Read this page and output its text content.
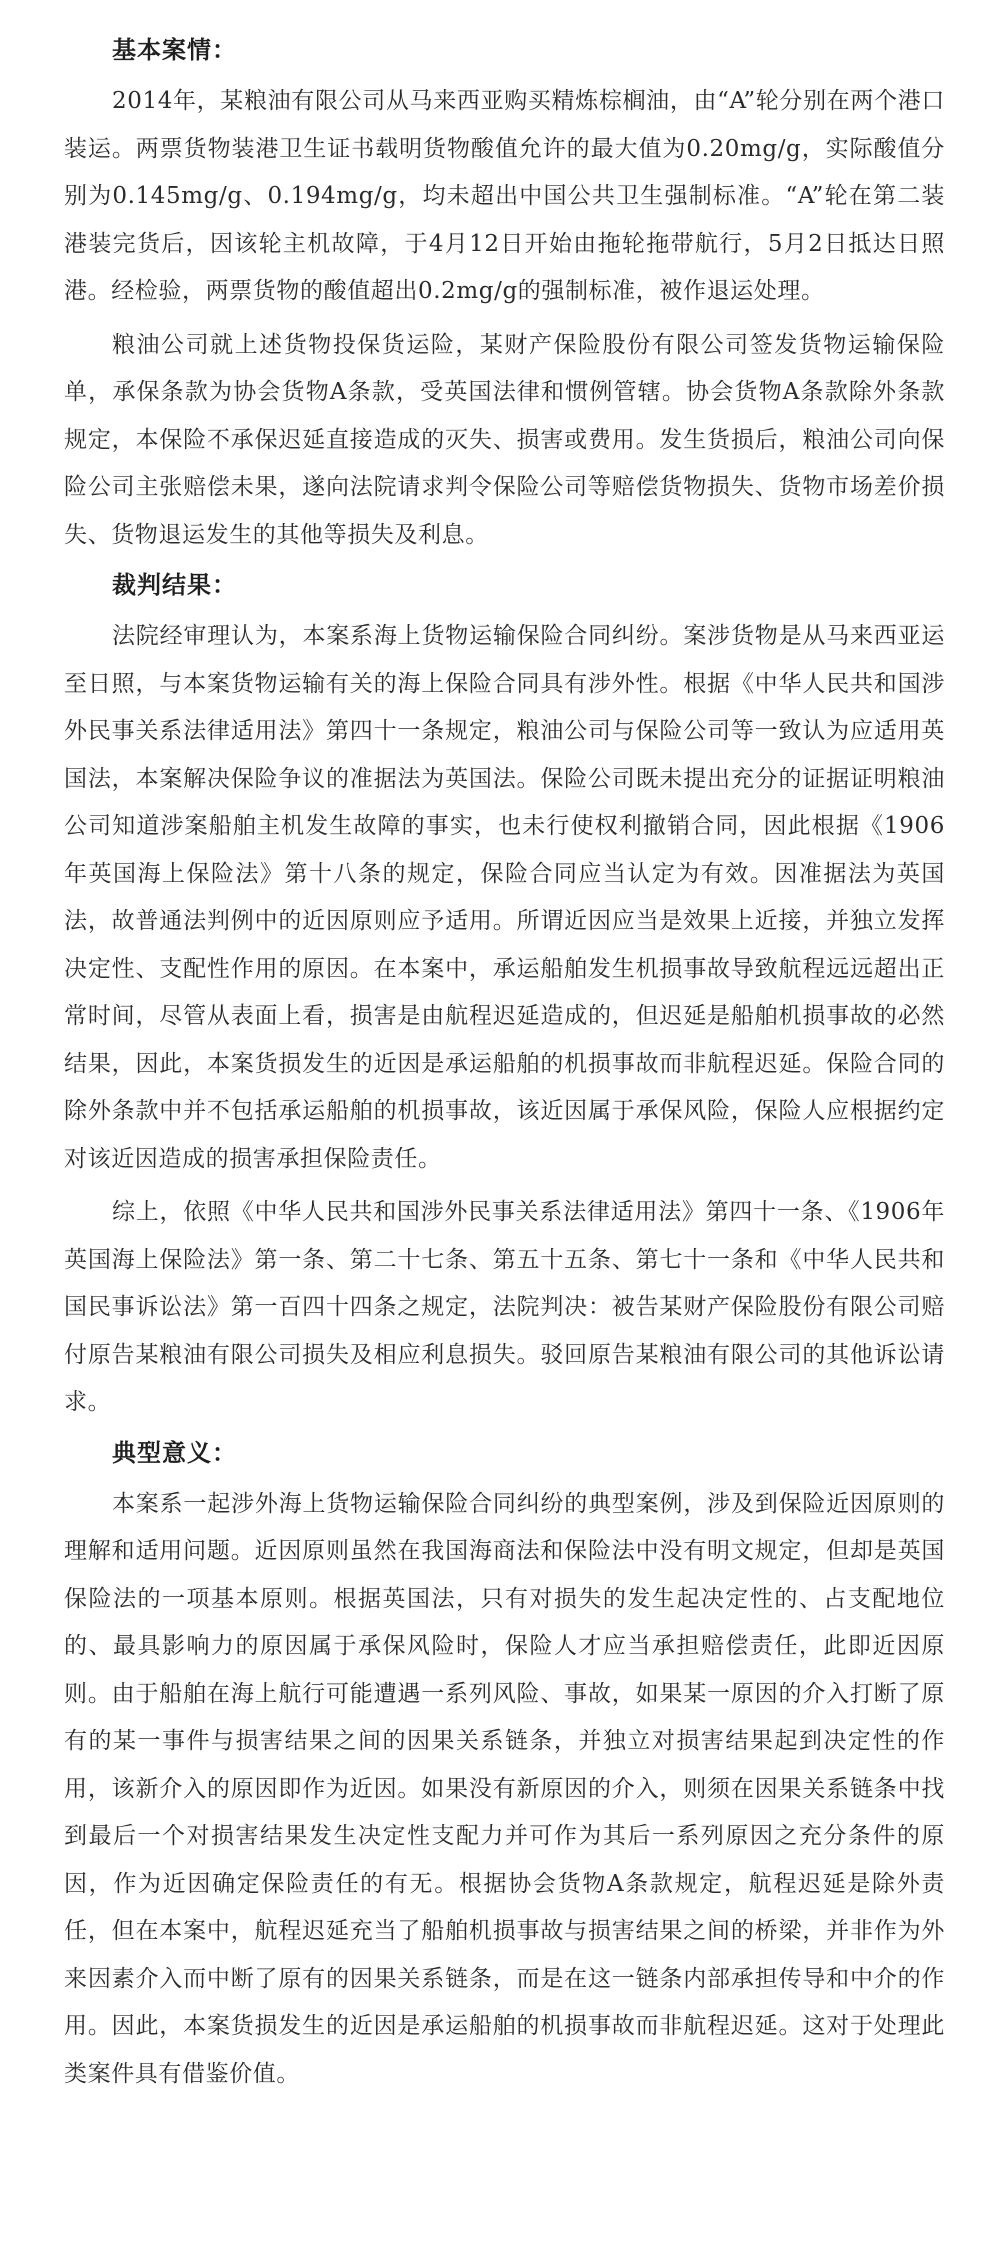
基本案情：

2014年，某粮油有限公司从马来西亚购买精炼棕榈油，由“A”轮分别在两个港口装运。两票货物装港卫生证书载明货物酸值允许的最大值为0.20mg/g，实际酸值分别为0.145mg/g、0.194mg/g，均未超出中国公共卫生强制标准。“A”轮在第二装港装完货后，因该轮主机故障，于4月12日开始由拖轮拖带航行，5月2日抵达日照港。经检验，两票货物的酸值超出0.2mg/g的强制标准，被作退运处理。

粮油公司就上述货物投保货运险，某财产保险股份有限公司签发货物运输保险单，承保条款为协会货物A条款，受英国法律和惯例管辖。协会货物A条款除外条款规定，本保险不承保迟延直接造成的灭失、损害或费用。发生货损后，粮油公司向保险公司主张赔偿未果，遂向法院请求判令保险公司等赔偿货物损失、货物市场差价损失、货物退运发生的其他等损失及利息。

裁判结果：

法院经审理认为，本案系海上货物运输保险合同纠纷。案涉货物是从马来西亚运至日照，与本案货物运输有关的海上保险合同具有涉外性。根据《中华人民共和国涉外民事关系法律适用法》第四十一条规定，粮油公司与保险公司等一致认为应适用英国法，本案解决保险争议的准据法为英国法。保险公司既未提出充分的证据证明粮油公司知道涉案船舶主机发生故障的事实，也未行使权利撤销合同，因此根据《1906年英国海上保险法》第十八条的规定，保险合同应当认定为有效。因准据法为英国法，故普通法判例中的近因原则应予适用。所谓近因应当是效果上近接，并独立发挥决定性、支配性作用的原因。在本案中，承运船舶发生机损事故导致航程远远超出正常时间，尽管从表面上看，损害是由航程迟延造成的，但迟延是船舶机损事故的必然结果，因此，本案货损发生的近因是承运船舶的机损事故而非航程迟延。保险合同的除外条款中并不包括承运船舶的机损事故，该近因属于承保风险，保险人应根据约定对该近因造成的损害承担保险责任。

综上，依照《中华人民共和国涉外民事关系法律适用法》第四十一条、《1906年英国海上保险法》第一条、第二十七条、第五十五条、第七十一条和《中华人民共和国民事诉讼法》第一百四十四条之规定，法院判决：被告某财产保险股份有限公司赔付原告某粮油有限公司损失及相应利息损失。驳回原告某粮油有限公司的其他诉讼请求。

典型意义：

本案系一起涉外海上货物运输保险合同纠纷的典型案例，涉及到保险近因原则的理解和适用问题。近因原则虽然在我国海商法和保险法中没有明文规定，但却是英国保险法的一项基本原则。根据英国法，只有对损失的发生起决定性的、占支配地位的、最具影响力的原因属于承保风险时，保险人才应当承担赔偿责任，此即近因原则。由于船舶在海上航行可能遭遇一系列风险、事故，如果某一原因的介入打断了原有的某一事件与损害结果之间的因果关系链条，并独立对损害结果起到决定性的作用，该新介入的原因即作为近因。如果没有新原因的介入，则须在因果关系链条中找到最后一个对损害结果发生决定性支配力并可作为其后一系列原因之充分条件的原因，作为近因确定保险责任的有无。根据协会货物A条款规定，航程迟延是除外责任，但在本案中，航程迟延充当了船舶机损事故与损害结果之间的桥梁，并非作为外来因素介入而中断了原有的因果关系链条，而是在这一链条内部承担传导和中介的作用。因此，本案货损发生的近因是承运船舶的机损事故而非航程迟延。这对于处理此类案件具有借鉴价值。
